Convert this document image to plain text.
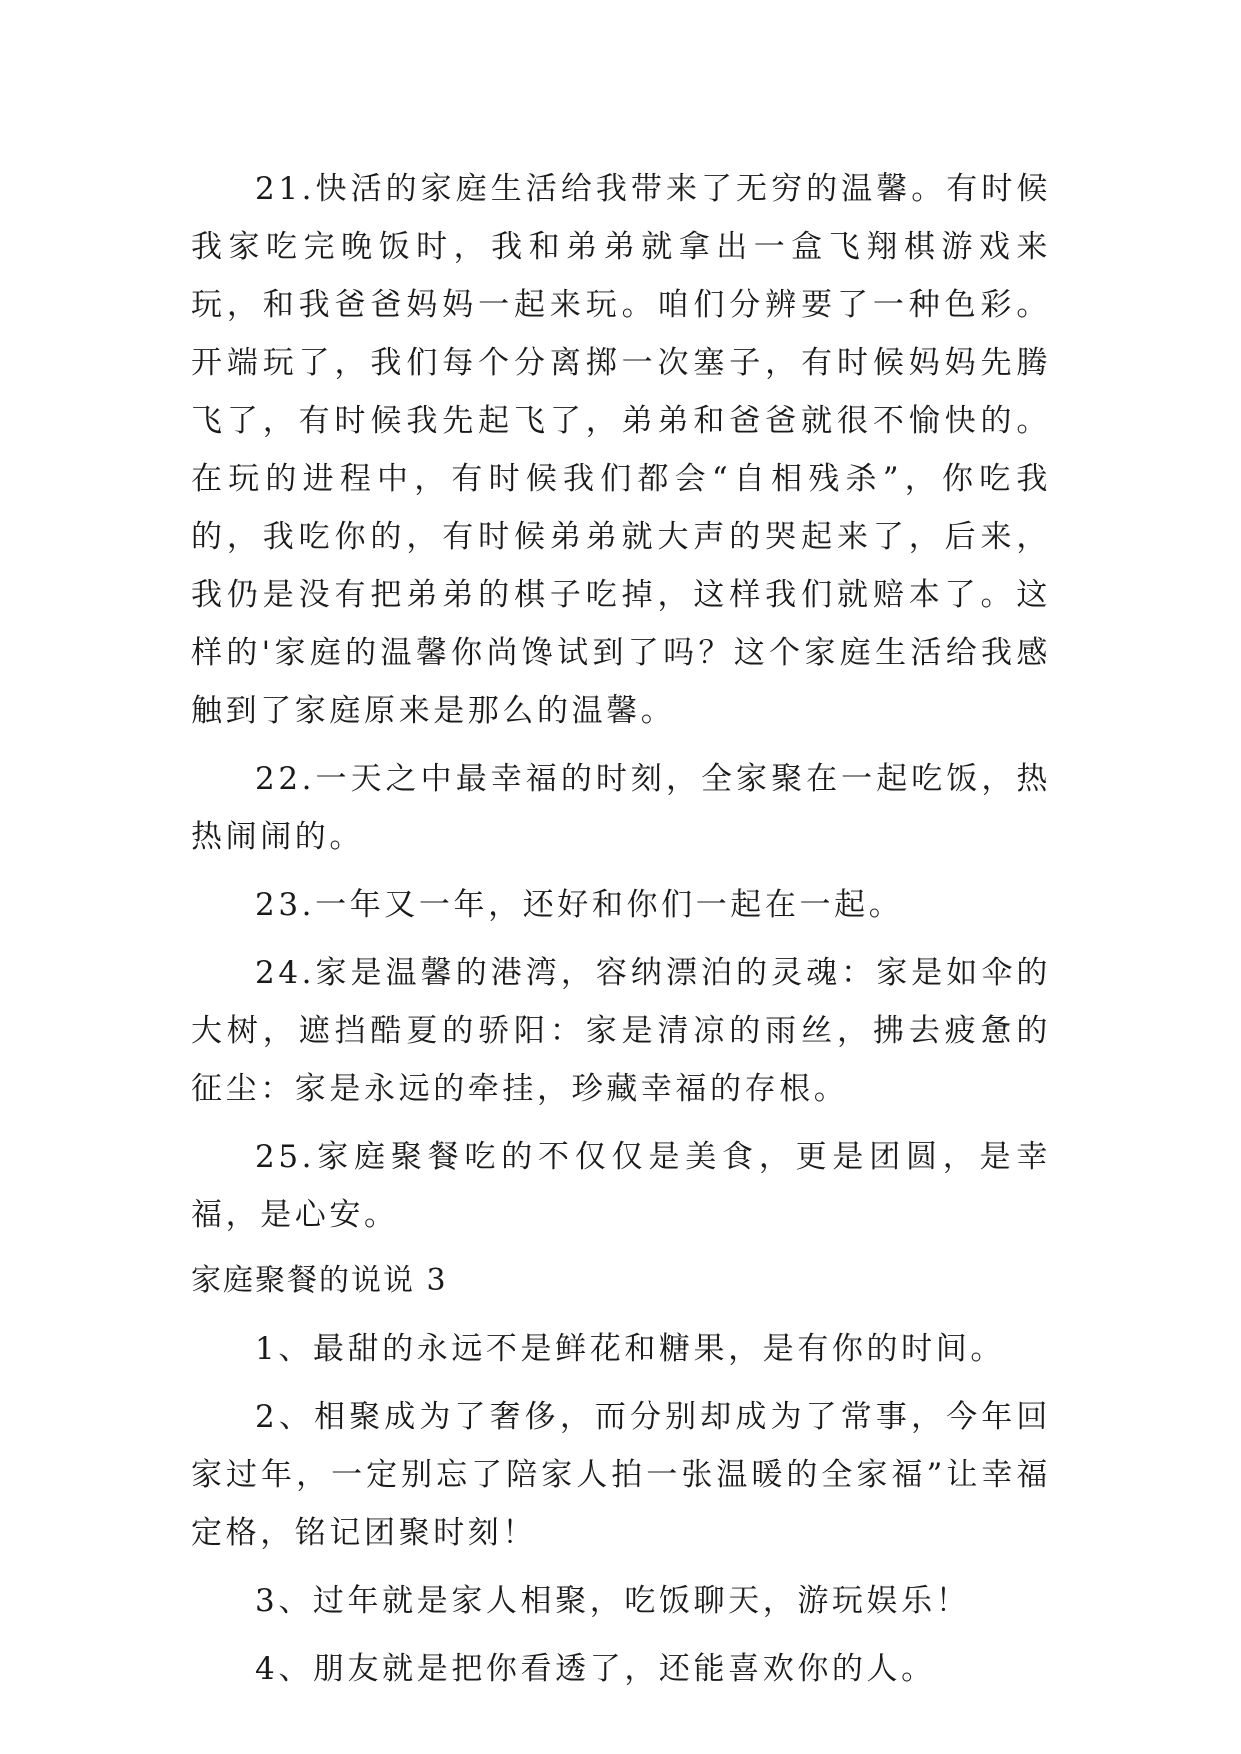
21.快活的家庭生活给我带来了无穷的温馨。有时候我家吃完晚饭时，我和弟弟就拿出一盒飞翔棋游戏来玩，和我爸爸妈妈一起来玩。咱们分辨要了一种色彩。开端玩了，我们每个分离掷一次塞子，有时候妈妈先腾飞了，有时候我先起飞了，弟弟和爸爸就很不愉快的。在玩的进程中，有时候我们都会“自相残杀”，你吃我的，我吃你的，有时候弟弟就大声的哭起来了，后来，我仍是没有把弟弟的棋子吃掉，这样我们就赔本了。这样的'家庭的温馨你尚馋试到了吗？这个家庭生活给我感触到了家庭原来是那么的温馨。

22.一天之中最幸福的时刻，全家聚在一起吃饭，热热闹闹的。

23.一年又一年，还好和你们一起在一起。

24.家是温馨的港湾，容纳漂泊的灵魂：家是如伞的大树，遮挡酷夏的骄阳：家是清凉的雨丝，拂去疲惫的征尘：家是永远的牵挂，珍藏幸福的存根。

25.家庭聚餐吃的不仅仅是美食，更是团圆，是幸福，是心安。

家庭聚餐的说说 3

1、最甜的永远不是鲜花和糖果，是有你的时间。

2、相聚成为了奢侈，而分别却成为了常事，今年回家过年，一定别忘了陪家人拍一张温暖的全家福”让幸福定格，铭记团聚时刻！

3、过年就是家人相聚，吃饭聊天，游玩娱乐！

4、朋友就是把你看透了，还能喜欢你的人。
